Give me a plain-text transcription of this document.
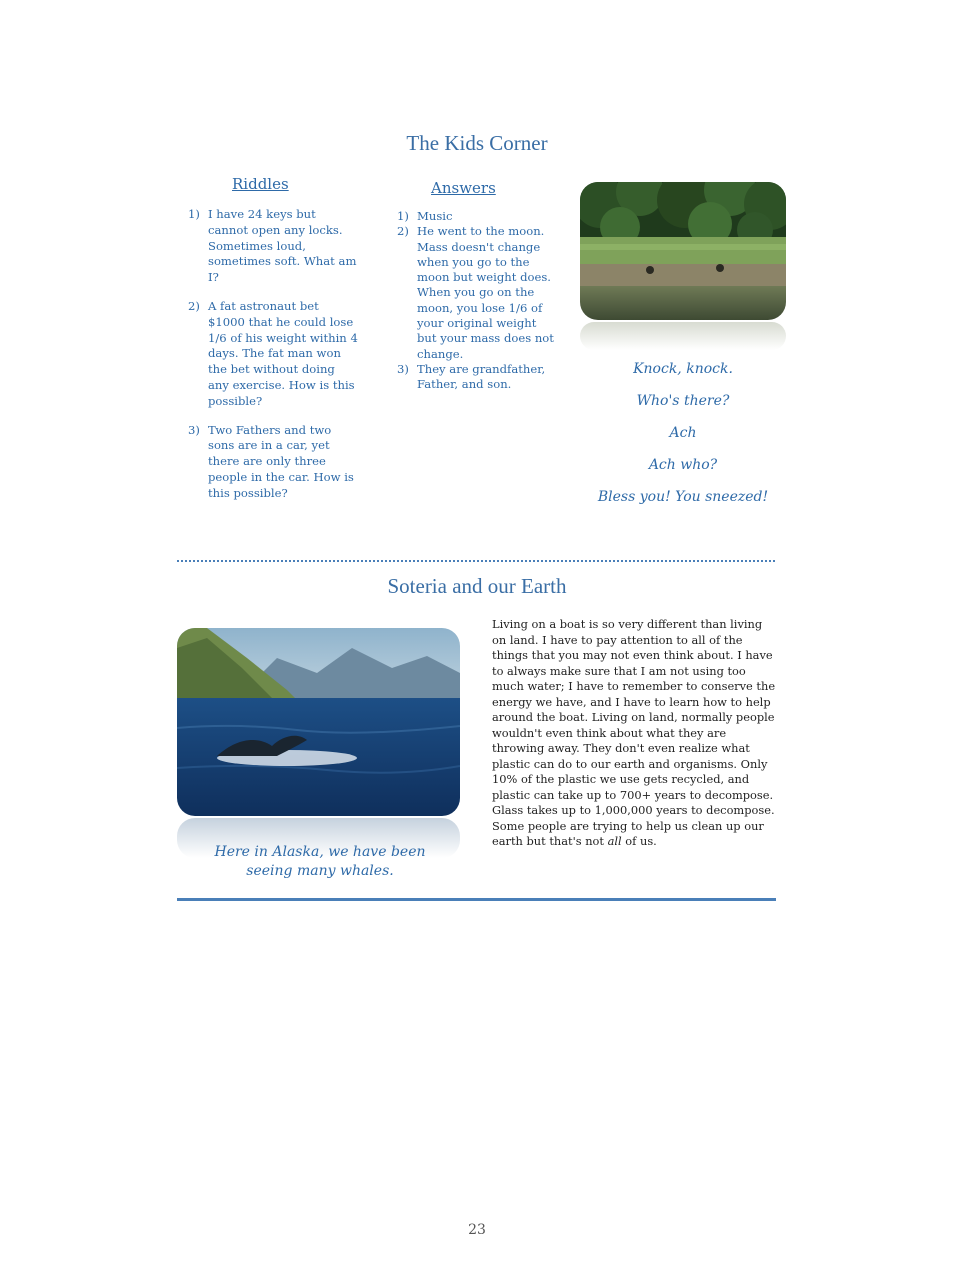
The Kids Corner
Riddles	Answers
1) I have 24 keys but cannot open any locks. Sometimes loud, sometimes soft. What am I?
2) A fat astronaut bet $1000 that he could lose 1/6 of his weight within 4 days. The fat man won the bet without doing any exercise. How is this possible?
3) Two Fathers and two sons are in a car, yet there are only three people in the car. How is this possible?
1) Music
2) He went to the moon. Mass doesn't change when you go to the moon but weight does. When you go on the moon, you lose 1/6 of your original weight but your mass does not change.
3) They are grandfather, Father, and son.
Knock, knock.
Who's there?
Ach
Ach who?
Bless you! You sneezed!
Soteria and our Earth
Here in Alaska, we have been seeing many whales.
Living on a boat is so very different than living on land. I have to pay attention to all of the things that you may not even think about. I have to always make sure that I am not using too much water; I have to remember to conserve the energy we have, and I have to learn how to help around the boat. Living on land, normally people wouldn't even think about what they are throwing away. They don't even realize what plastic can do to our earth and organisms. Only 10% of the plastic we use gets recycled, and plastic can take up to 700+ years to decompose. Glass takes up to 1,000,000 years to decompose. Some people are trying to help us clean up our earth but that's not all of us.
23
